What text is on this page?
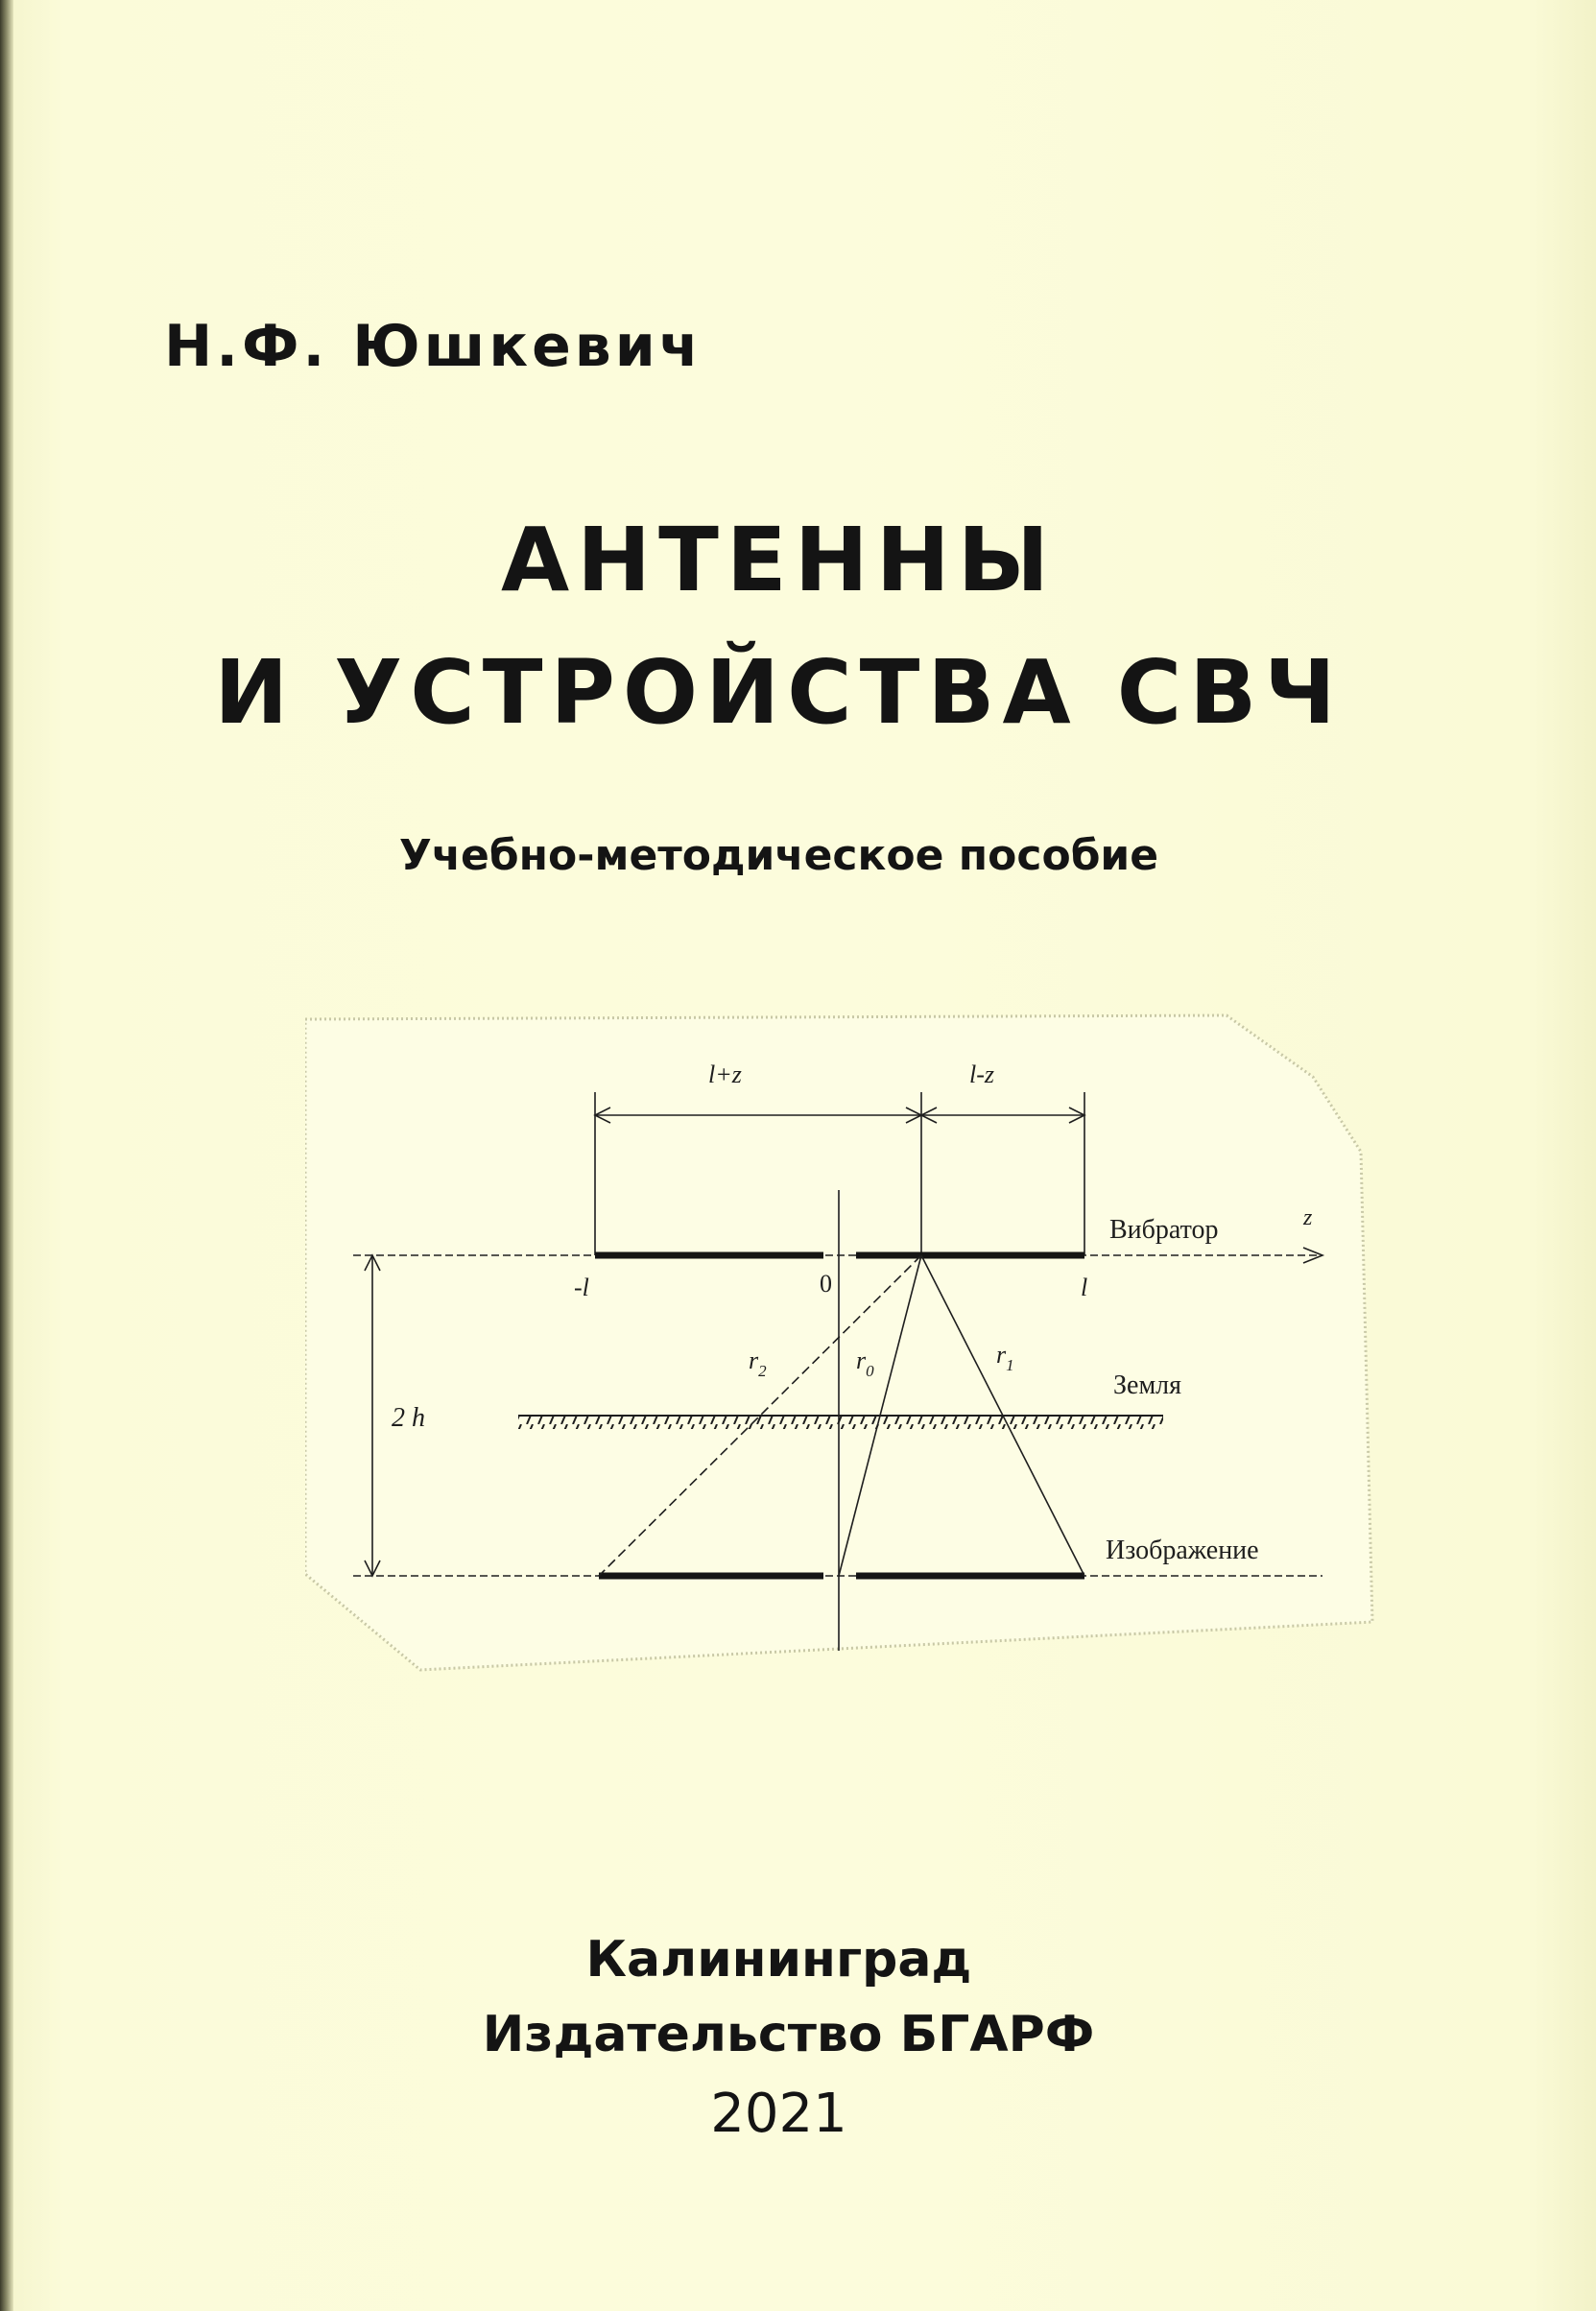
Н.Ф. Юшкевич
АНТЕННЫ
И УСТРОЙСТВА СВЧ
Учебно-методическое пособие
l+z	l-z
Вибратор	z
-l	0	l
2 h
Земля
Изображение
$r_2$	$r_0$
$r_1$
Калининград
Издательство БГАРФ
2021
